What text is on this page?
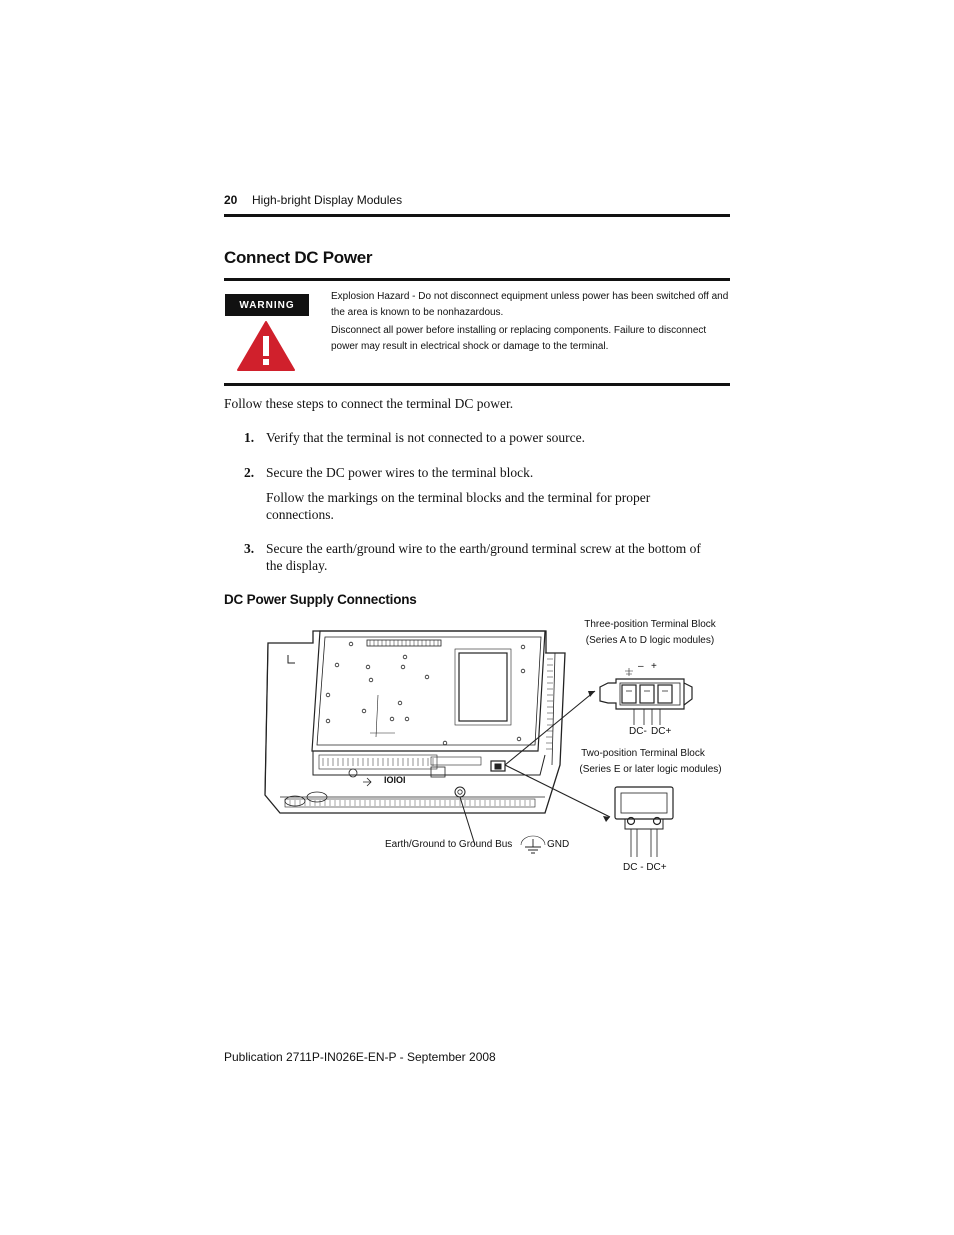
20 High-bright Display Modules
Connect DC Power
WARNING
Explosion Hazard - Do not disconnect equipment unless power has been switched off and the area is known to be nonhazardous.
Disconnect all power before installing or replacing components. Failure to disconnect power may result in electrical shock or damage to the terminal.
Follow these steps to connect the terminal DC power.
1. Verify that the terminal is not connected to a power source.
2. Secure the DC power wires to the terminal block.
Follow the markings on the terminal blocks and the terminal for proper connections.
3. Secure the earth/ground wire to the earth/ground terminal screw at the bottom of the display.
DC Power Supply Connections
Three-position Terminal Block
(Series A to D logic modules)
– +
DC- DC+
Two-position Terminal Block
(Series E or later logic modules)
DC - DC+
Earth/Ground to Ground Bus	GND
IOIOI
Publication 2711P-IN026E-EN-P - September 2008
